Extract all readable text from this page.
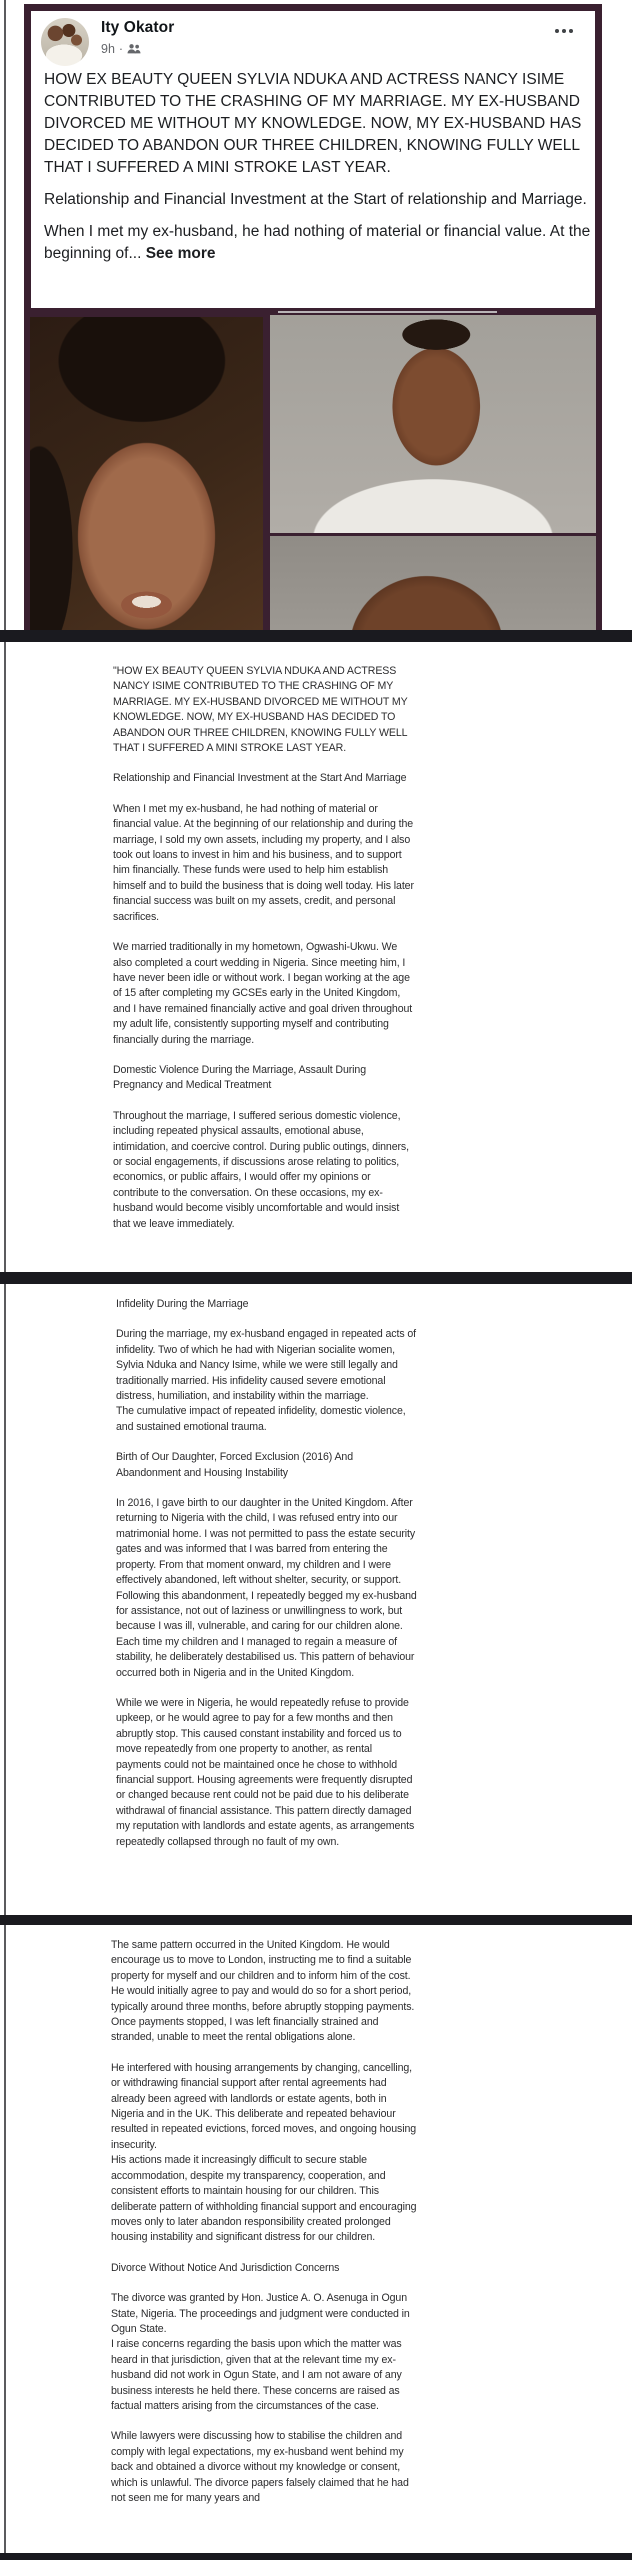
Ity Okator
9h ·

HOW EX BEAUTY QUEEN SYLVIA NDUKA AND ACTRESS NANCY ISIME CONTRIBUTED TO THE CRASHING OF MY MARRIAGE. MY EX-HUSBAND DIVORCED ME WITHOUT MY KNOWLEDGE. NOW, MY EX-HUSBAND HAS DECIDED TO ABANDON OUR THREE CHILDREN, KNOWING FULLY WELL THAT I SUFFERED A MINI STROKE LAST YEAR.

Relationship and Financial Investment at the Start of relationship and Marriage.

When I met my ex-husband, he had nothing of material or financial value. At the beginning of... See more

"HOW EX BEAUTY QUEEN SYLVIA NDUKA AND ACTRESS NANCY ISIME CONTRIBUTED TO THE CRASHING OF MY MARRIAGE. MY EX-HUSBAND DIVORCED ME WITHOUT MY KNOWLEDGE. NOW, MY EX-HUSBAND HAS DECIDED TO ABANDON OUR THREE CHILDREN, KNOWING FULLY WELL THAT I SUFFERED A MINI STROKE LAST YEAR.

Relationship and Financial Investment at the Start And Marriage

When I met my ex-husband, he had nothing of material or financial value. At the beginning of our relationship and during the marriage, I sold my own assets, including my property, and I also took out loans to invest in him and his business, and to support him financially. These funds were used to help him establish himself and to build the business that is doing well today. His later financial success was built on my assets, credit, and personal sacrifices.

We married traditionally in my hometown, Ogwashi-Ukwu. We also completed a court wedding in Nigeria. Since meeting him, I have never been idle or without work. I began working at the age of 15 after completing my GCSEs early in the United Kingdom, and I have remained financially active and goal driven throughout my adult life, consistently supporting myself and contributing financially during the marriage.

Domestic Violence During the Marriage, Assault During Pregnancy and Medical Treatment

Throughout the marriage, I suffered serious domestic violence, including repeated physical assaults, emotional abuse, intimidation, and coercive control. During public outings, dinners, or social engagements, if discussions arose relating to politics, economics, or public affairs, I would offer my opinions or contribute to the conversation. On these occasions, my ex-husband would become visibly uncomfortable and would insist that we leave immediately.

Infidelity During the Marriage

During the marriage, my ex-husband engaged in repeated acts of infidelity. Two of which he had with Nigerian socialite women, Sylvia Nduka and Nancy Isime, while we were still legally and traditionally married. His infidelity caused severe emotional distress, humiliation, and instability within the marriage.

The cumulative impact of repeated infidelity, domestic violence, and sustained emotional trauma.

Birth of Our Daughter, Forced Exclusion (2016) And Abandonment and Housing Instability

In 2016, I gave birth to our daughter in the United Kingdom. After returning to Nigeria with the child, I was refused entry into our matrimonial home. I was not permitted to pass the estate security gates and was informed that I was barred from entering the property. From that moment onward, my children and I were effectively abandoned, left without shelter, security, or support.

Following this abandonment, I repeatedly begged my ex-husband for assistance, not out of laziness or unwillingness to work, but because I was ill, vulnerable, and caring for our children alone. Each time my children and I managed to regain a measure of stability, he deliberately destabilised us. This pattern of behaviour occurred both in Nigeria and in the United Kingdom.

While we were in Nigeria, he would repeatedly refuse to provide upkeep, or he would agree to pay for a few months and then abruptly stop. This caused constant instability and forced us to move repeatedly from one property to another, as rental payments could not be maintained once he chose to withhold financial support. Housing agreements were frequently disrupted or changed because rent could not be paid due to his deliberate withdrawal of financial assistance. This pattern directly damaged my reputation with landlords and estate agents, as arrangements repeatedly collapsed through no fault of my own.

The same pattern occurred in the United Kingdom. He would encourage us to move to London, instructing me to find a suitable property for myself and our children and to inform him of the cost. He would initially agree to pay and would do so for a short period, typically around three months, before abruptly stopping payments. Once payments stopped, I was left financially strained and stranded, unable to meet the rental obligations alone.

He interfered with housing arrangements by changing, cancelling, or withdrawing financial support after rental agreements had already been agreed with landlords or estate agents, both in Nigeria and in the UK. This deliberate and repeated behaviour resulted in repeated evictions, forced moves, and ongoing housing insecurity.

His actions made it increasingly difficult to secure stable accommodation, despite my transparency, cooperation, and consistent efforts to maintain housing for our children. This deliberate pattern of withholding financial support and encouraging moves only to later abandon responsibility created prolonged housing instability and significant distress for our children.

Divorce Without Notice And Jurisdiction Concerns

The divorce was granted by Hon. Justice A. O. Asenuga in Ogun State, Nigeria. The proceedings and judgment were conducted in Ogun State.

I raise concerns regarding the basis upon which the matter was heard in that jurisdiction, given that at the relevant time my ex-husband did not work in Ogun State, and I am not aware of any business interests he held there. These concerns are raised as factual matters arising from the circumstances of the case.

While lawyers were discussing how to stabilise the children and comply with legal expectations, my ex-husband went behind my back and obtained a divorce without my knowledge or consent, which is unlawful. The divorce papers falsely claimed that he had not seen me for many years and
